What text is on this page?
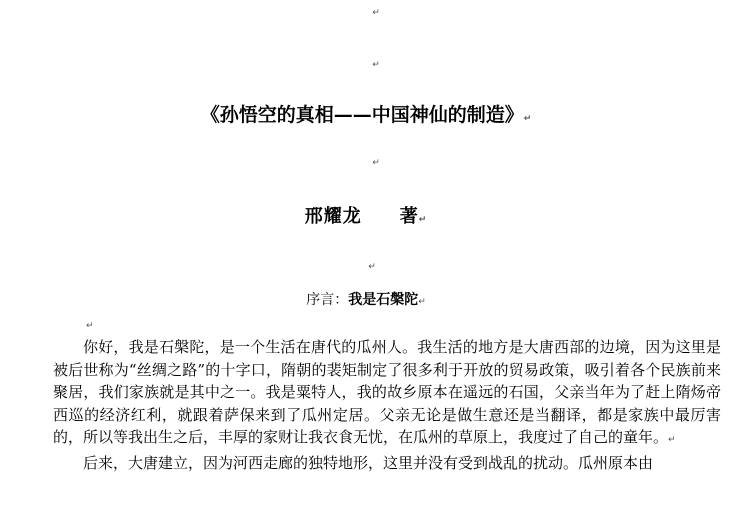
↵
↵
《孙悟空的真相——中国神仙的制造》↵
↵
邢耀龙 著↵
↵
序言：我是石槃陀↵
↵

你好，我是石槃陀，是一个生活在唐代的瓜州人。我生活的地方是大唐西部的边境，因为这里是被后世称为“丝绸之路”的十字口，隋朝的裴矩制定了很多利于开放的贸易政策，吸引着各个民族前来聚居，我们家族就是其中之一。我是粟特人，我的故乡原本在遥远的石国，父亲当年为了赶上隋炀帝西巡的经济红利，就跟着萨保来到了瓜州定居。父亲无论是做生意还是当翻译，都是家族中最厉害的，所以等我出生之后，丰厚的家财让我衣食无忧，在瓜州的草原上，我度过了自己的童年。↵

后来，大唐建立，因为河西走廊的独特地形，这里并没有受到战乱的扰动。瓜州原本由
